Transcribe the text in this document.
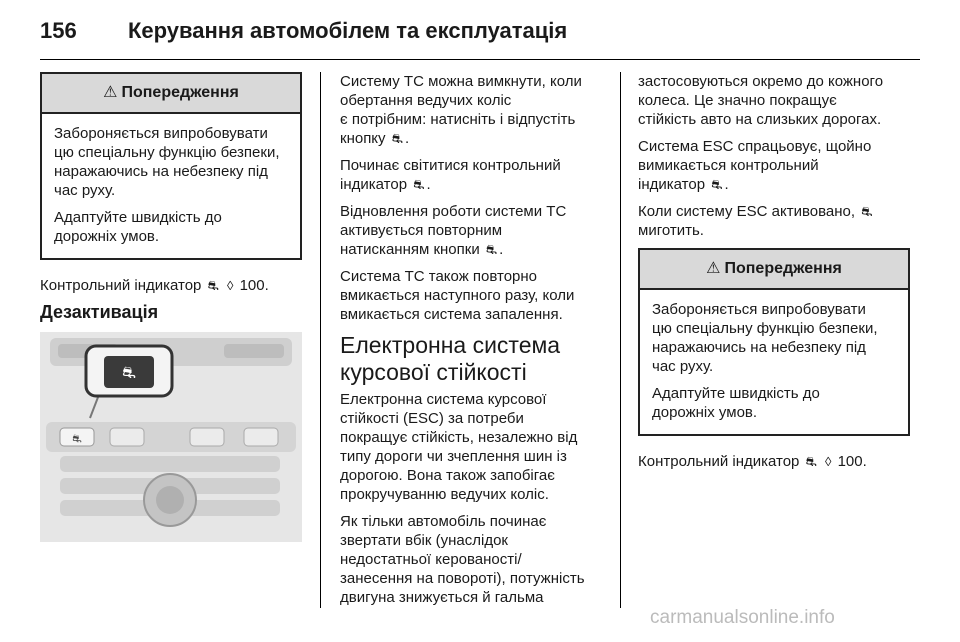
156 Керування автомобілем та експлуатація
⚠ Попередження

Забороняється випробовувати
цю спеціальну функцію безпеки,
наражаючись на небезпеку під
час руху.

Адаптуйте швидкість до
дорожніх умов.

Контрольний індикатор ⛐ ◊ 100.

Дезактивація
⛐
⛐

Систему TC можна вимкнути, коли
обертання ведучих коліс
є потрібним: натисніть і відпустіть
кнопку ⛐ .

Починає світитися контрольний
індикатор ⛐ .

Відновлення роботи системи TC
активується повторним
натисканням кнопки ⛐ .

Система TC також повторно
вмикається наступного разу, коли
вмикається система запалення.

Електронна система
курсової стійкості

Електронна система курсової
стійкості (ESC) за потреби
покращує стійкість, незалежно від
типу дороги чи зчеплення шин із
дорогою. Вона також запобігає
прокручуванню ведучих коліс.

Як тільки автомобіль починає
звертати вбік (унаслідок
недостатньої керованості/
занесення на повороті), потужність
двигуна знижується й гальма

застосовуються окремо до кожного
колеса. Це значно покращує
стійкість авто на слизьких дорогах.

Система ESC спрацьовує, щойно
вимикається контрольний
індикатор ⛐ .

Коли систему ESC активовано, ⛐
миготить.

⚠ Попередження

Забороняється випробовувати
цю спеціальну функцію безпеки,
наражаючись на небезпеку під
час руху.

Адаптуйте швидкість до
дорожніх умов.

Контрольний індикатор ⛐ ◊ 100.

carmanualsonline.info
